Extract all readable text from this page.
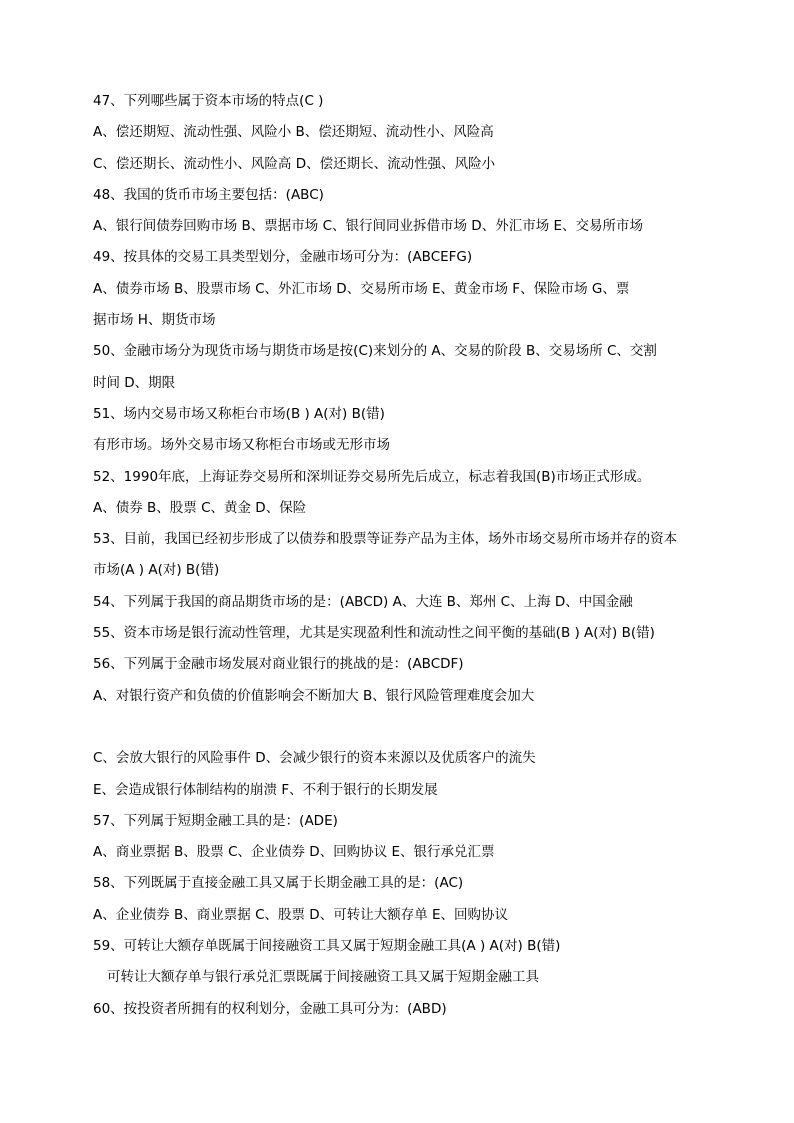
47、下列哪些属于资本市场的特点(C )
A、偿还期短、流动性强、风险小 B、偿还期短、流动性小、风险高
C、偿还期长、流动性小、风险高 D、偿还期长、流动性强、风险小
48、我国的货币市场主要包括：(ABC)
A、银行间债券回购市场 B、票据市场 C、银行间同业拆借市场 D、外汇市场 E、交易所市场
49、按具体的交易工具类型划分，金融市场可分为：(ABCEFG)
A、债券市场 B、股票市场 C、外汇市场 D、交易所市场 E、黄金市场 F、保险市场 G、票
据市场 H、期货市场
50、金融市场分为现货市场与期货市场是按(C)来划分的 A、交易的阶段 B、交易场所 C、交割
时间 D、期限
51、场内交易市场又称柜台市场(B ) A(对) B(错)
有形市场。场外交易市场又称柜台市场或无形市场
52、1990年底，上海证券交易所和深圳证券交易所先后成立，标志着我国(B)市场正式形成。
A、债券 B、股票 C、黄金 D、保险
53、目前，我国已经初步形成了以债券和股票等证券产品为主体，场外市场交易所市场并存的资本
市场(A ) A(对) B(错)
54、下列属于我国的商品期货市场的是：(ABCD) A、大连 B、郑州 C、上海 D、中国金融
55、资本市场是银行流动性管理，尤其是实现盈利性和流动性之间平衡的基础(B ) A(对) B(错)
56、下列属于金融市场发展对商业银行的挑战的是：(ABCDF)
A、对银行资产和负债的价值影响会不断加大 B、银行风险管理难度会加大
C、会放大银行的风险事件 D、会减少银行的资本来源以及优质客户的流失
E、会造成银行体制结构的崩溃 F、不利于银行的长期发展
57、下列属于短期金融工具的是：(ADE)
A、商业票据 B、股票 C、企业债券 D、回购协议 E、银行承兑汇票
58、下列既属于直接金融工具又属于长期金融工具的是：(AC)
A、企业债券 B、商业票据 C、股票 D、可转让大额存单 E、回购协议
59、可转让大额存单既属于间接融资工具又属于短期金融工具(A ) A(对) B(错)
可转让大额存单与银行承兑汇票既属于间接融资工具又属于短期金融工具
60、按投资者所拥有的权利划分，金融工具可分为：(ABD)
